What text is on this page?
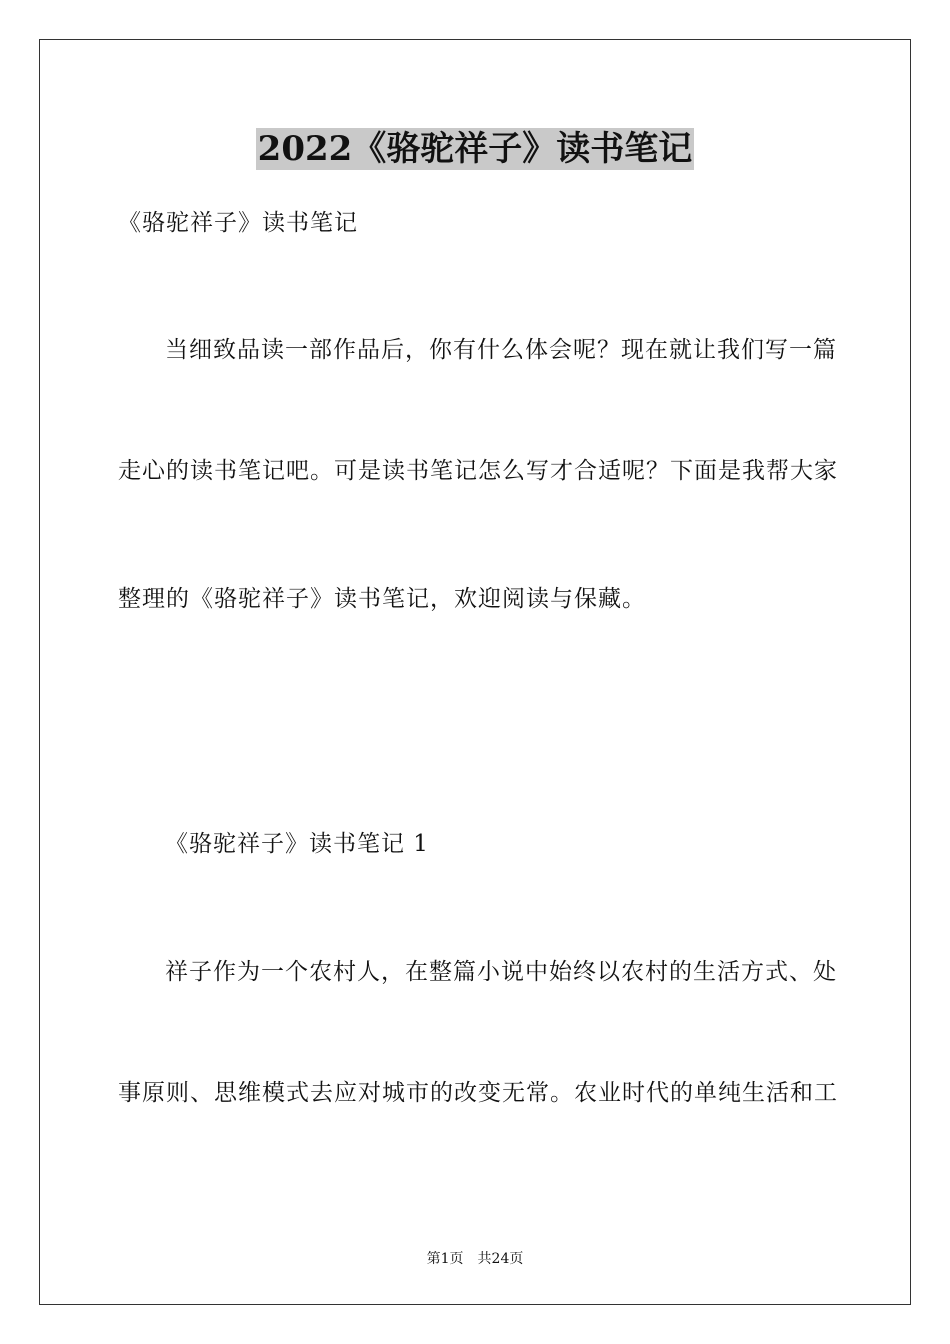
2022《骆驼祥子》读书笔记
《骆驼祥子》读书笔记
当细致品读一部作品后，你有什么体会呢？现在就让我们写一篇
走心的读书笔记吧。可是读书笔记怎么写才合适呢？下面是我帮大家
整理的《骆驼祥子》读书笔记，欢迎阅读与保藏。
《骆驼祥子》读书笔记 1
祥子作为一个农村人，在整篇小说中始终以农村的生活方式、处
事原则、思维模式去应对城市的改变无常。农业时代的单纯生活和工
第1页 共24页
